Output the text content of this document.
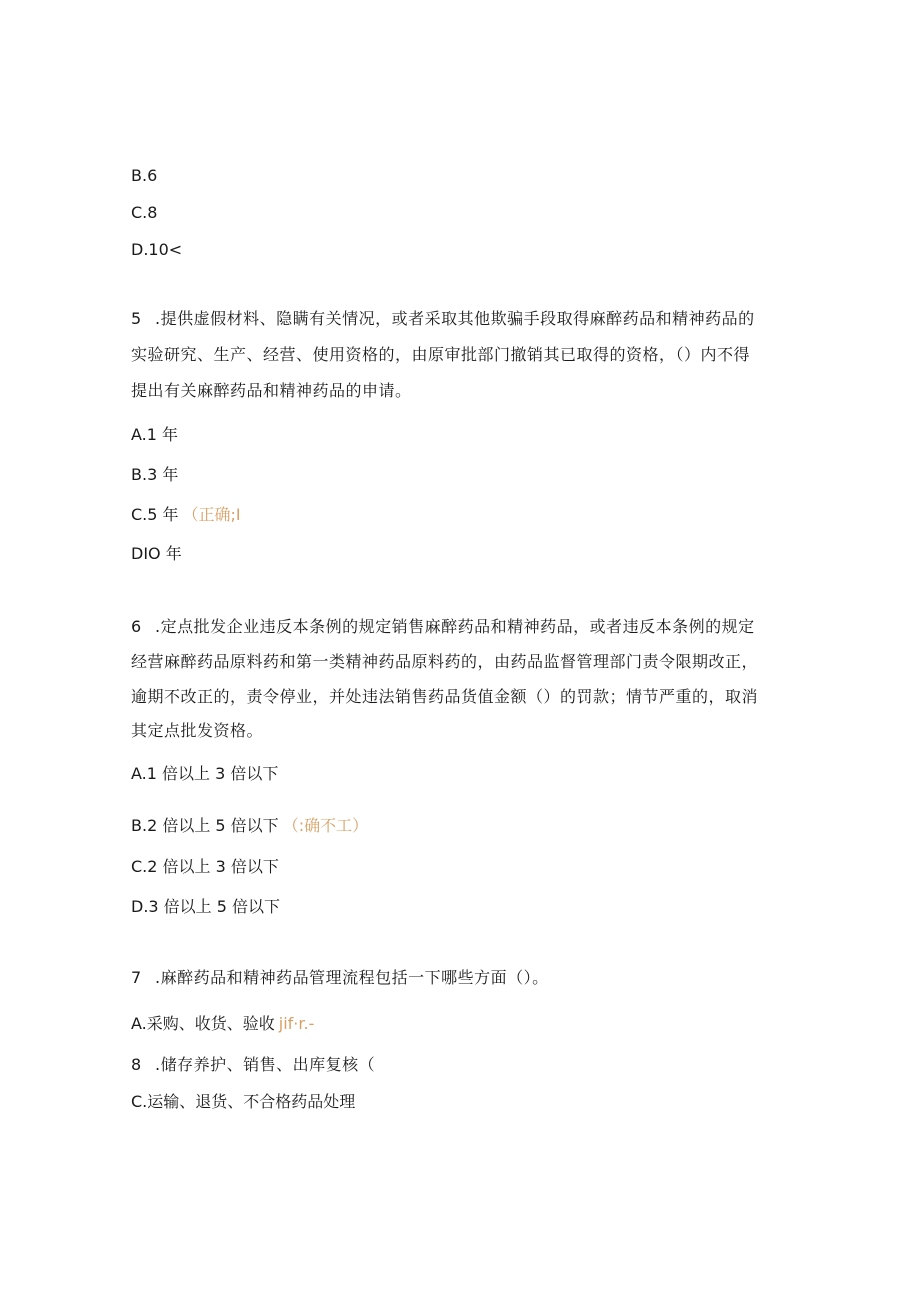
B.6
C.8
D.10<
5 .提供虚假材料、隐瞒有关情况，或者采取其他欺骗手段取得麻醉药品和精神药品的
实验研究、生产、经营、使用资格的，由原审批部门撤销其已取得的资格，（）内不得
提出有关麻醉药品和精神药品的申请。
A.1 年
B.3 年
C.5 年 （正确;I
DIO 年
6 .定点批发企业违反本条例的规定销售麻醉药品和精神药品，或者违反本条例的规定
经营麻醉药品原料药和第一类精神药品原料药的，由药品监督管理部门责令限期改正，
逾期不改正的，责令停业，并处违法销售药品货值金额（）的罚款；情节严重的，取消
其定点批发资格。
A.1 倍以上 3 倍以下
B.2 倍以上 5 倍以下 （:确不工）
C.2 倍以上 3 倍以下
D.3 倍以上 5 倍以下
7 .麻醉药品和精神药品管理流程包括一下哪些方面（）。
A.采购、收货、验收 jif·r.-
8 .储存养护、销售、出库复核（
C.运输、退货、不合格药品处理
